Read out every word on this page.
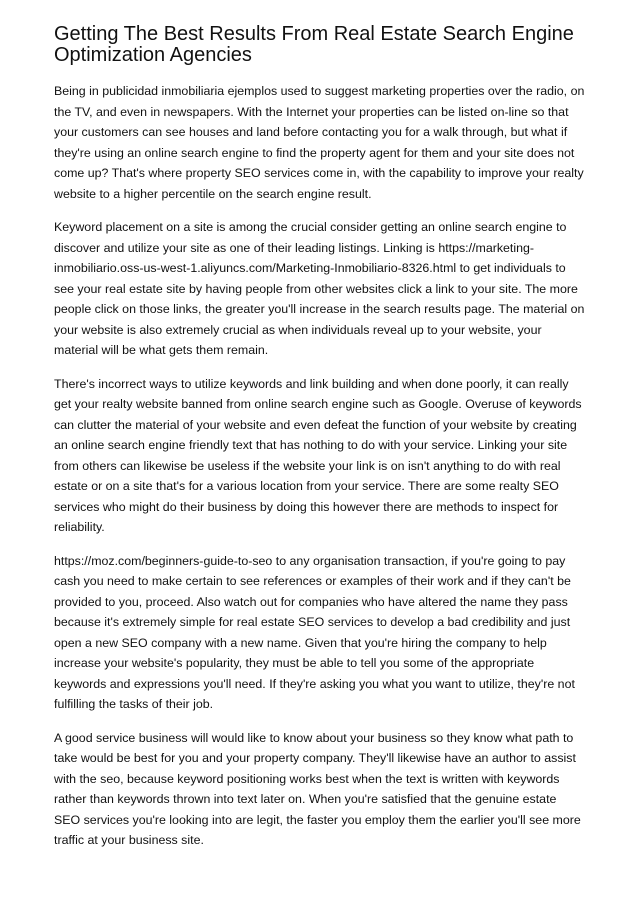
Getting The Best Results From Real Estate Search Engine
Optimization Agencies

Being in publicidad inmobiliaria ejemplos used to suggest marketing properties over the radio, on the TV, and even in newspapers. With the Internet your properties can be listed on-line so that your customers can see houses and land before contacting you for a walk through, but what if they're using an online search engine to find the property agent for them and your site does not come up? That's where property SEO services come in, with the capability to improve your realty website to a higher percentile on the search engine result.

Keyword placement on a site is among the crucial consider getting an online search engine to discover and utilize your site as one of their leading listings. Linking is https://marketing-inmobiliario.oss-us-west-1.aliyuncs.com/Marketing-Inmobiliario-8326.html to get individuals to see your real estate site by having people from other websites click a link to your site. The more people click on those links, the greater you'll increase in the search results page. The material on your website is also extremely crucial as when individuals reveal up to your website, your material will be what gets them remain.

There's incorrect ways to utilize keywords and link building and when done poorly, it can really get your realty website banned from online search engine such as Google. Overuse of keywords can clutter the material of your website and even defeat the function of your website by creating an online search engine friendly text that has nothing to do with your service. Linking your site from others can likewise be useless if the website your link is on isn't anything to do with real estate or on a site that's for a various location from your service. There are some realty SEO services who might do their business by doing this however there are methods to inspect for reliability.

https://moz.com/beginners-guide-to-seo to any organisation transaction, if you're going to pay cash you need to make certain to see references or examples of their work and if they can't be provided to you, proceed. Also watch out for companies who have altered the name they pass because it's extremely simple for real estate SEO services to develop a bad credibility and just open a new SEO company with a new name. Given that you're hiring the company to help increase your website's popularity, they must be able to tell you some of the appropriate keywords and expressions you'll need. If they're asking you what you want to utilize, they're not fulfilling the tasks of their job.

A good service business will would like to know about your business so they know what path to take would be best for you and your property company. They'll likewise have an author to assist with the seo, because keyword positioning works best when the text is written with keywords rather than keywords thrown into text later on. When you're satisfied that the genuine estate SEO services you're looking into are legit, the faster you employ them the earlier you'll see more traffic at your business site.
